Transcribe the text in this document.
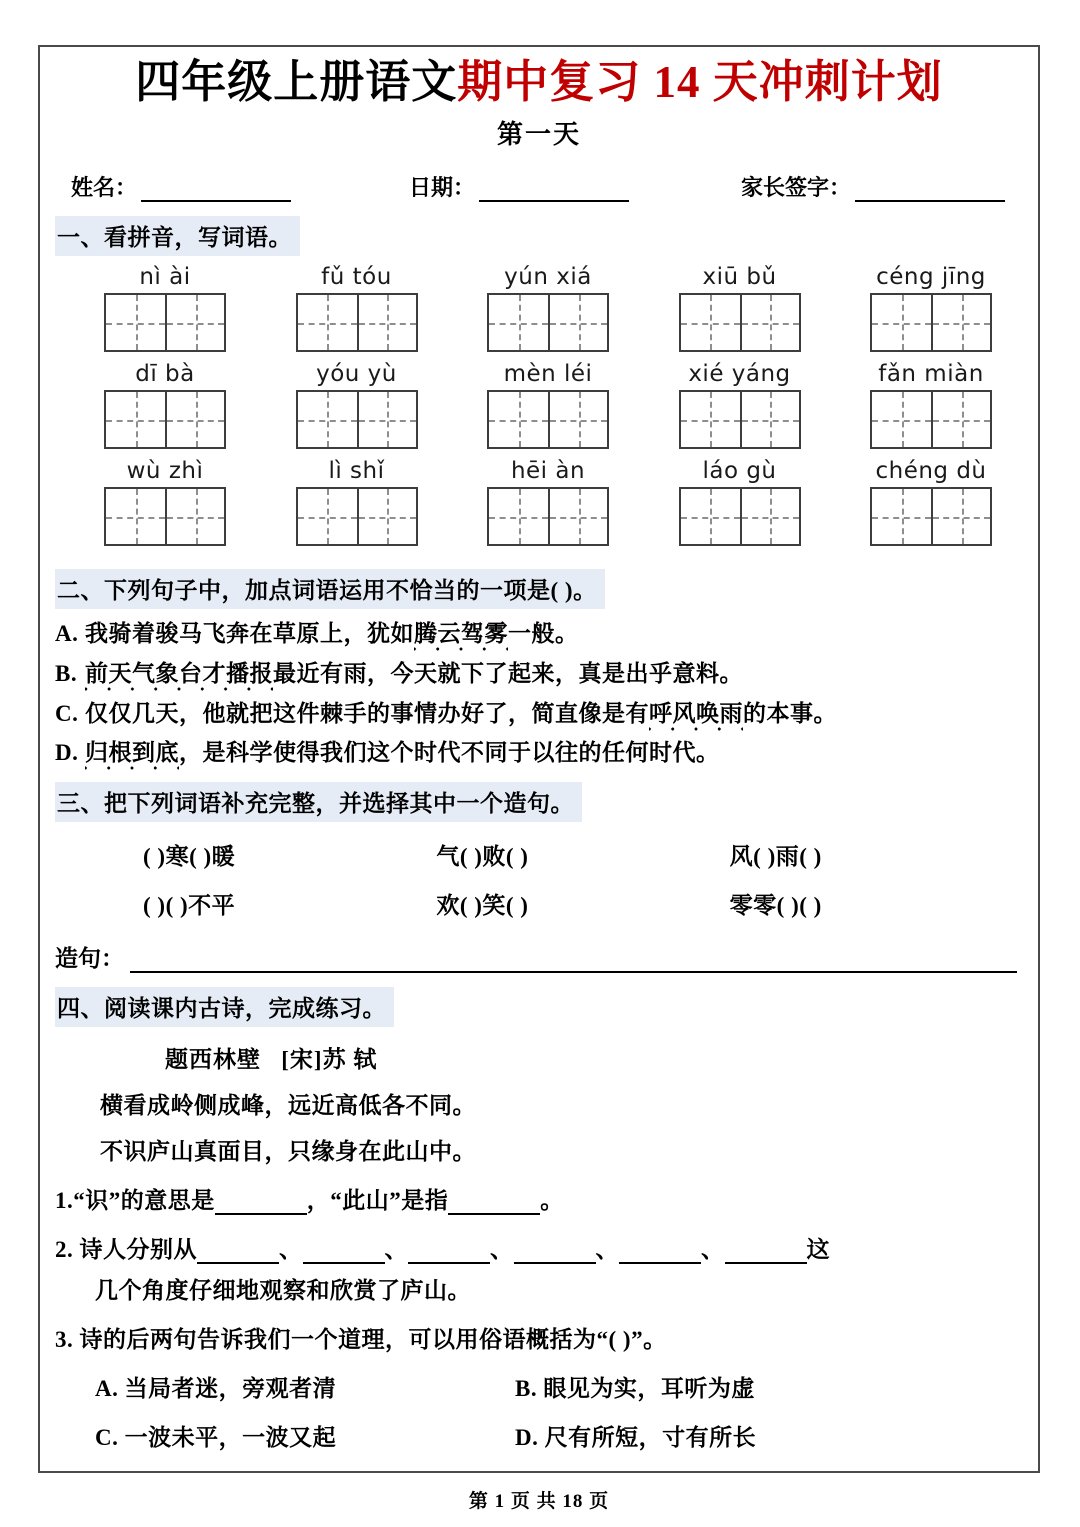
四年级上册语文期中复习 14 天冲刺计划
第一天
姓名：	日期：	家长签字：
一、看拼音，写词语。
nì ài	fǔ tóu	yún xiá	xiū bǔ	céng jīng
dī bà	yóu yù	mèn léi	xié yáng	fǎn miàn
wù zhì	lì shǐ	hēi àn	láo gù	chéng dù
二、下列句子中，加点词语运用不恰当的一项是( )。
A. 我骑着骏马飞奔在草原上，犹如腾云驾雾一般。
B. 前天气象台才播报最近有雨，今天就下了起来，真是出乎意料。
C. 仅仅几天，他就把这件棘手的事情办好了，简直像是有呼风唤雨的本事。
D. 归根到底，是科学使得我们这个时代不同于以往的任何时代。
三、把下列词语补充完整，并选择其中一个造句。
( )寒( )暖	气( )败( )	风( )雨( )
( )( )不平	欢( )笑( )	零零( )( )
造句：
四、阅读课内古诗，完成练习。
题西林壁 [宋]苏 轼
横看成岭侧成峰，远近高低各不同。
不识庐山真面目，只缘身在此山中。
1.“识”的意思是	，“此山”是指	。
2. 诗人分别从	、	、	、	、	、	这
几个角度仔细地观察和欣赏了庐山。
3. 诗的后两句告诉我们一个道理，可以用俗语概括为“( )”。
A. 当局者迷，旁观者清	B. 眼见为实，耳听为虚
C. 一波未平，一波又起	D. 尺有所短，寸有所长
第 1 页 共 18 页
